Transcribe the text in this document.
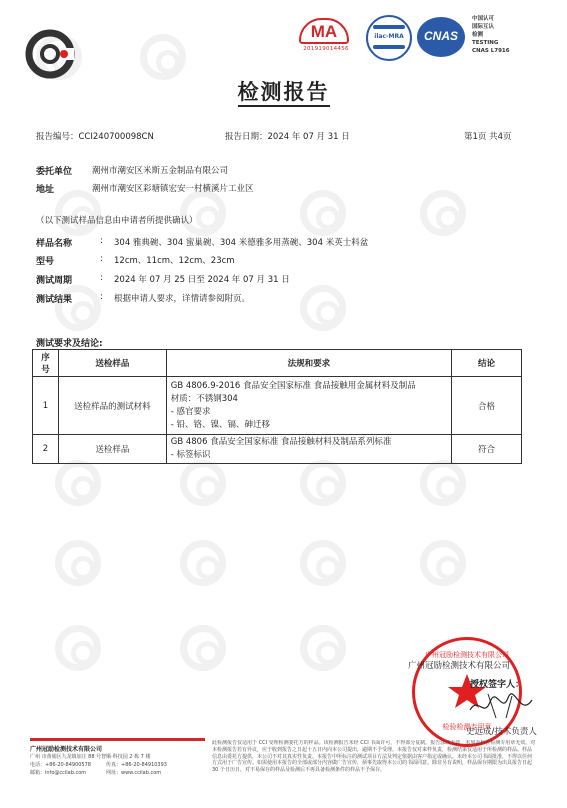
MA
201919014456
ilac-MRA	CNAS
中国认可
国际互认
检测
TESTING
CNAS L7916
检测报告
报告编号：CCI240700098CN	报告日期：2024 年 07 月 31 日	第1页 共4页
委托单位 潮州市潮安区米斯五金制品有限公司
地址	潮州市潮安区彩塘镇宏安一村横溪片工业区
（以下测试样品信息由申请者所提供确认）
样品名称	: 304 雅典碗、304 蜜巢碗、304 米德雅多用蒸碗、304 米英士料盆
型号	: 12cm、11cm、12cm、23cm
测试周期	: 2024 年 07 月 25 日至 2024 年 07 月 31 日
测试结果	: 根据申请人要求，详情请参阅附页。
测试要求及结论:
序号	送检样品	法规和要求	结论
1	送检样品的测试材料	GB 4806.9-2016 食品安全国家标准 食品接触用金属材料及制品
材质：不锈钢304
- 感官要求
- 铅、铬、镍、镉、砷迁移	合格
2	送检样品	GB 4806 食品安全国家标准 食品接触材料及制品系列标准
- 标签标识	符合
广州冠励检测技术有限公司
检验检测专用章
广州冠励检测技术有限公司
授权签字人：
史远成/技术负责人
广州冠励检测技术有限公司
广州 市黄埔区九龙镇加庄 88 号智顺·科技园 2 栋 7 楼
电话：+86-20-84900578	传真：+86-20-84910393
邮箱：info@ccilab.com	网址：www.ccilab.com
此检测报告仅适用于 CCI 受理检测委托方的样品。该检测报告未经 CCI 书面许可，不得部分复制。报告涂改无效，未加盖检验检测专用章无效。对本检测报告若有异议，应于收到报告之日起十五日内向本公司提出，逾期不予受理。本报告仅对来样负责，检测结果仅适用于所检测的样品。样品信息由委托方提供，本公司不对其真实性负责。本报告中所标注的测试项目方法及判定依据由客户指定或确认。未经本公司书面批准，不得以任何方式用于广告宣传。如需使用本报告的全部或部分内容做广告宣传，须事先取得本公司的书面同意。除非另有说明，样品保存期限为出具报告日起 30 个日历日，对不易保存的样品及检测后不再具备检测条件的样品不予保存。
